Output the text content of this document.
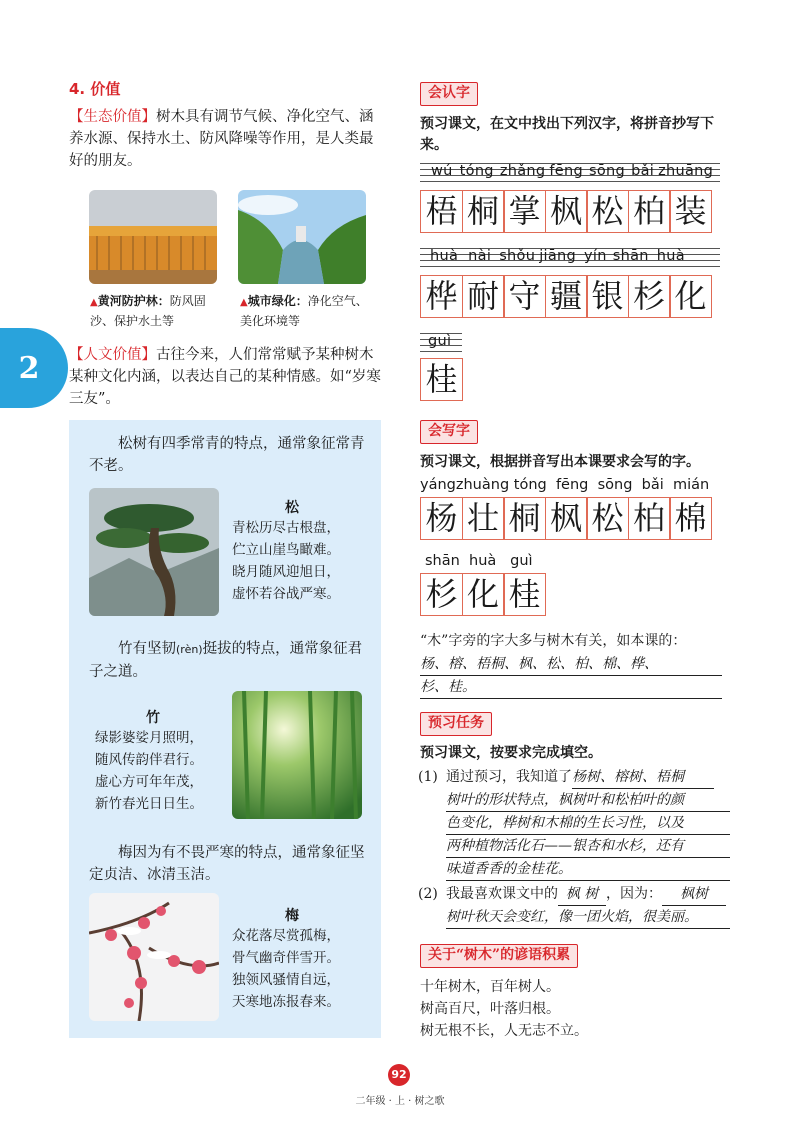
4. 价值
【生态价值】树木具有调节气候、净化空气、涵养水源、保持水土、防风降噪等作用，是人类最好的朋友。
▲黄河防护林：防风固沙、保护水土等
▲城市绿化：净化空气、美化环境等
2	【人文价值】古往今来，人们常常赋予某种树木某种文化内涵，以表达自己的某种情感。如“岁寒三友”。
松树有四季常青的特点，通常象征常青不老。
松
青松历尽古根盘，
伫立山崖鸟瞰难。
晓月随风迎旭日，
虚怀若谷战严寒。
竹有坚韧(rèn)挺拔的特点，通常象征君子之道。
竹
绿影婆娑月照明，
随风传韵伴君行。
虚心方可年年茂，
新竹春光日日生。
梅因为有不畏严寒的特点，通常象征坚定贞洁、冰清玉洁。
梅
众花落尽赏孤梅，
骨气幽奇伴雪开。
独领风骚情自远，
天寒地冻报春来。
会认字
预习课文，在文中找出下列汉字，将拼音抄写下来。
wú tóng zhǎng fēng sōng bǎi zhuāng
梧 桐 掌 枫 松 柏 装
huà nài shǒu jiāng yín shān huà
桦 耐 守 疆 银 杉 化
guì
桂
会写字
预习课文，根据拼音写出本课要求会写的字。
yángzhuàng tóng fēng sōng bǎi mián
杨 壮 桐 枫 松 柏 棉
shān huà guì
杉 化 桂
“木”字旁的字大多与树木有关，如本课的：
杨、榕、梧桐、枫、松、柏、棉、桦、
杉、桂。
预习任务
预习课文，按要求完成填空。
(1) 通过预习，我知道了杨树、榕树、梧桐
树叶的形状特点，枫树叶和松柏叶的颜
色变化，桦树和木棉的生长习性，以及
两种植物活化石——银杏和水杉，还有
味道香香的金桂花。
(2) 我最喜欢课文中的 枫 树 ，因为： 枫树
树叶秋天会变红，像一团火焰，很美丽。
关于“树木”的谚语积累
十年树木，百年树人。
树高百尺，叶落归根。
树无根不长，人无志不立。
92
二年级 · 上 · 树之歌
